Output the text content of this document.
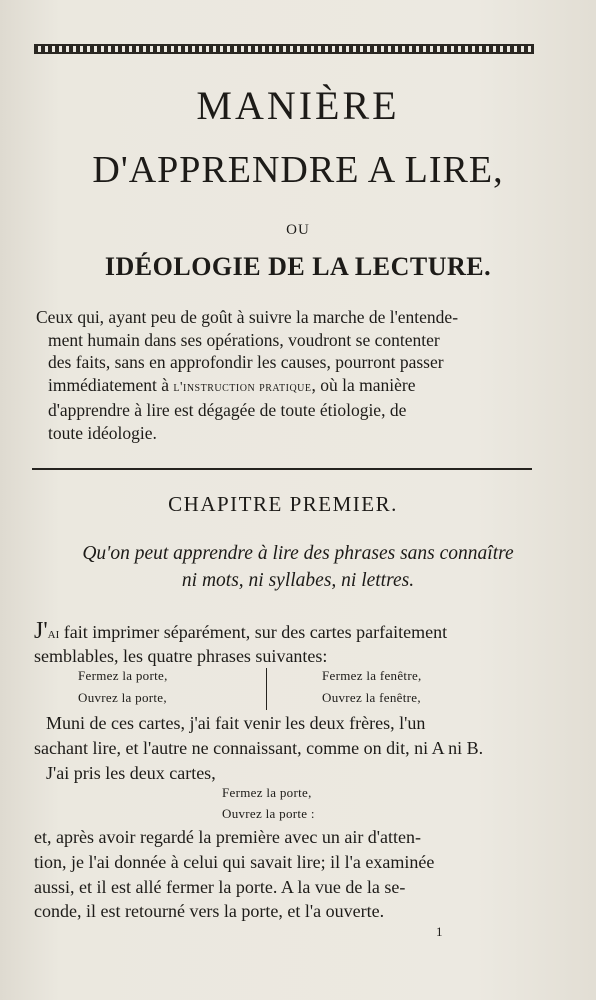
MANIÈRE
D'APPRENDRE A LIRE,
OU
IDÉOLOGIE DE LA LECTURE.
Ceux qui, ayant peu de goût à suivre la marche de l'entende-
ment humain dans ses opérations, voudront se contenter
des faits, sans en approfondir les causes, pourront passer
immédiatement à l'instruction pratique, où la manière
d'apprendre à lire est dégagée de toute étiologie, de
toute idéologie.
CHAPITRE PREMIER.
Qu'on peut apprendre à lire des phrases sans connaître
ni mots, ni syllabes, ni lettres.
J'ai fait imprimer séparément, sur des cartes parfaitement
semblables, les quatre phrases suivantes:
Fermez la porte,
Ouvrez la porte,
Fermez la fenêtre,
Ouvrez la fenêtre,
Muni de ces cartes, j'ai fait venir les deux frères, l'un
sachant lire, et l'autre ne connaissant, comme on dit, ni A ni B.
J'ai pris les deux cartes,
Fermez la porte,
Ouvrez la porte :
et, après avoir regardé la première avec un air d'atten-
tion, je l'ai donnée à celui qui savait lire; il l'a examinée
aussi, et il est allé fermer la porte. A la vue de la se-
conde, il est retourné vers la porte, et l'a ouverte.
1
